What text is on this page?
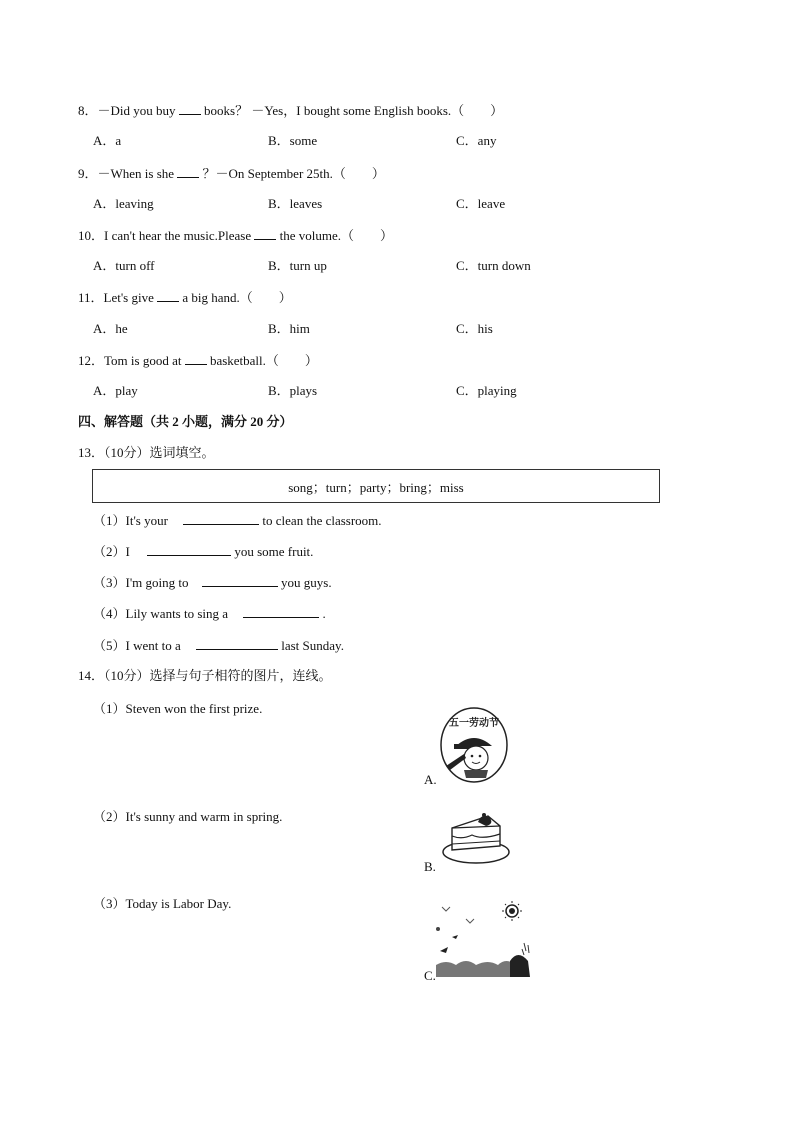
8．－Did you buy books？ －Yes，I bought some English books.（　　）
A．a	B．some	C．any
9．－When is she ？－On September 25th.（　　）
A．leaving	B．leaves	C．leave
10．I can't hear the music.Please the volume.（　　）
A．turn off	B．turn up	C．turn down
11．Let's give a big hand.（　　）
A．he	B．him	C．his
12．Tom is good at basketball.（　　）
A．play	B．plays	C．playing
四、解答题（共 2 小题，满分 20 分）
13．（10分）选词填空。
song；turn；party；bring；miss
（1）It's your	to clean the classroom.
（2）I	you some fruit.
（3）I'm going to	you guys.
（4）Lily wants to sing a	.
（5）I went to a	last Sunday.
14．（10分）选择与句子相符的图片，连线。
（1）Steven won the first prize.
（2）It's sunny and warm in spring.
（3）Today is Labor Day.
A.
五一劳动节
B.
C.
